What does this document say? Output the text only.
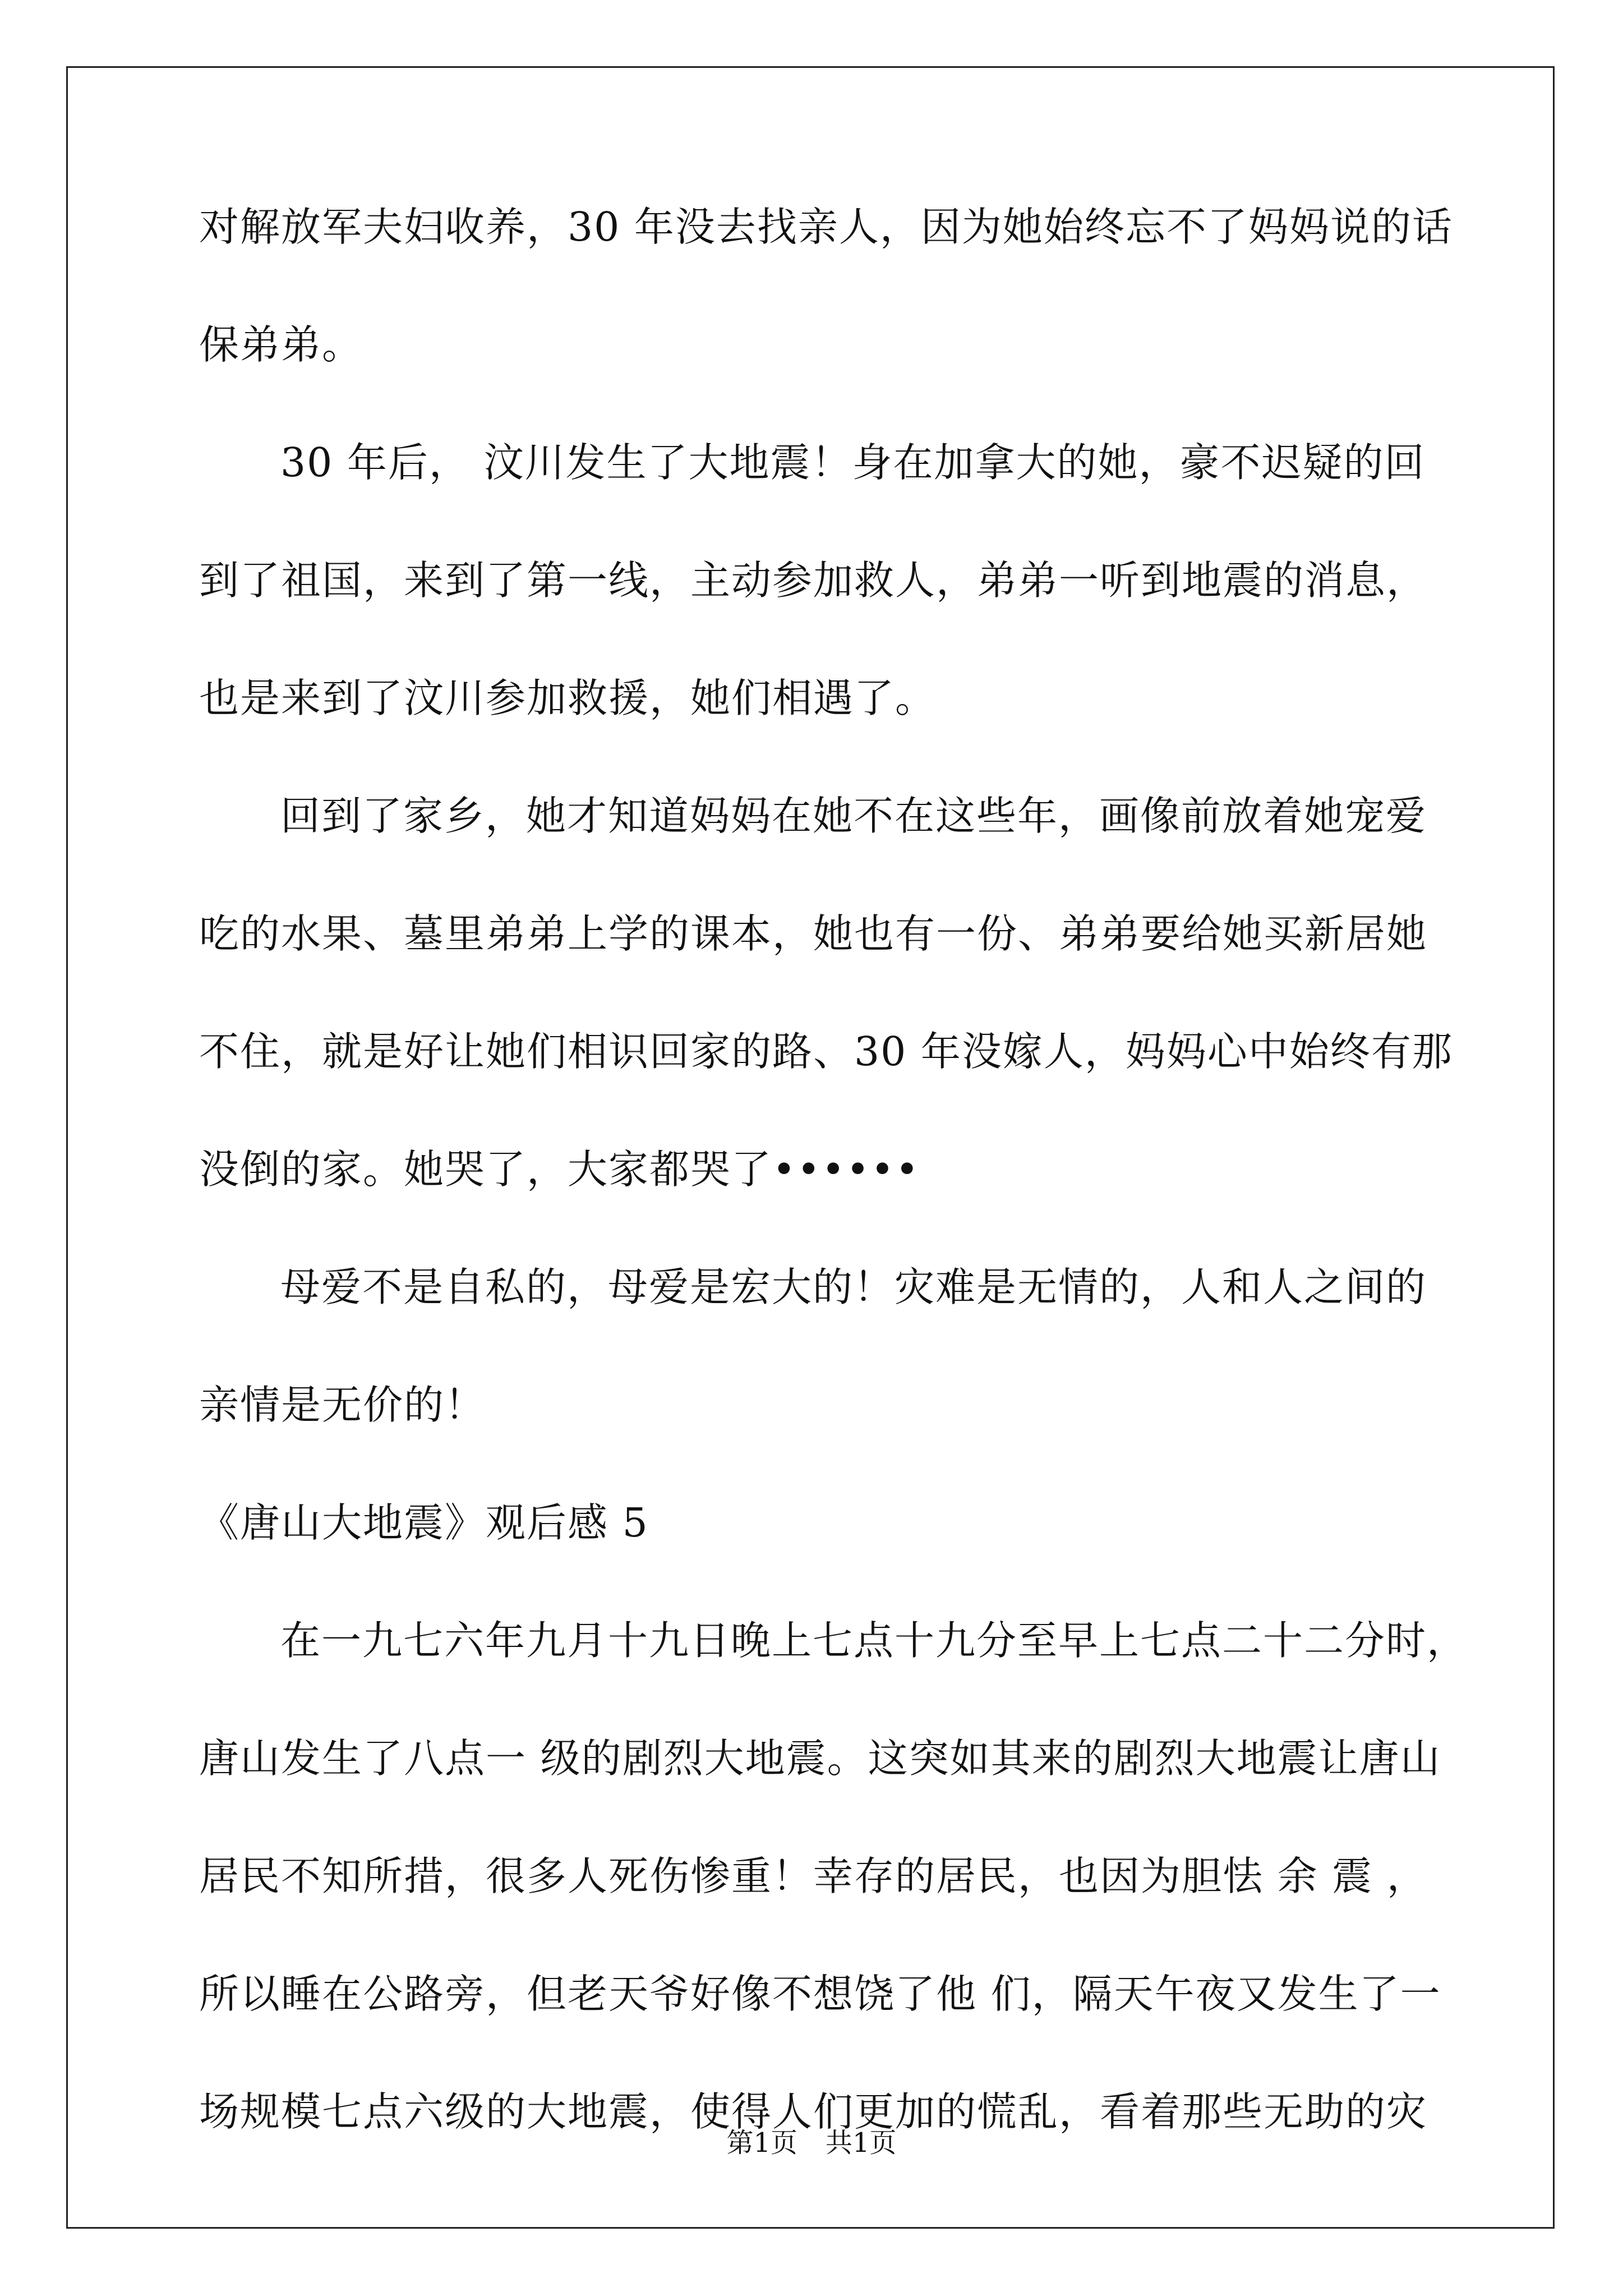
对解放军夫妇收养，30 年没去找亲人，因为她始终忘不了妈妈说的话
保弟弟。
30 年后， 汶川发生了大地震！身在加拿大的她，豪不迟疑的回
到了祖国，来到了第一线，主动参加救人，弟弟一听到地震的消息，
也是来到了汶川参加救援，她们相遇了。
回到了家乡，她才知道妈妈在她不在这些年，画像前放着她宠爱
吃的水果、墓里弟弟上学的课本，她也有一份、弟弟要给她买新居她
不住，就是好让她们相识回家的路、30 年没嫁人，妈妈心中始终有那
没倒的家。她哭了，大家都哭了••••••
母爱不是自私的，母爱是宏大的！灾难是无情的，人和人之间的
亲情是无价的！
《唐山大地震》观后感 5
在一九七六年九月十九日晚上七点十九分至早上七点二十二分时，
唐山发生了八点一 级的剧烈大地震。这突如其来的剧烈大地震让唐山
居民不知所措，很多人死伤惨重！幸存的居民，也因为胆怯 余 震 ，
所以睡在公路旁，但老天爷好像不想饶了他 们，隔天午夜又发生了一
场规模七点六级的大地震，使得人们更加的慌乱，看着那些无助的灾
第1页 共1页
